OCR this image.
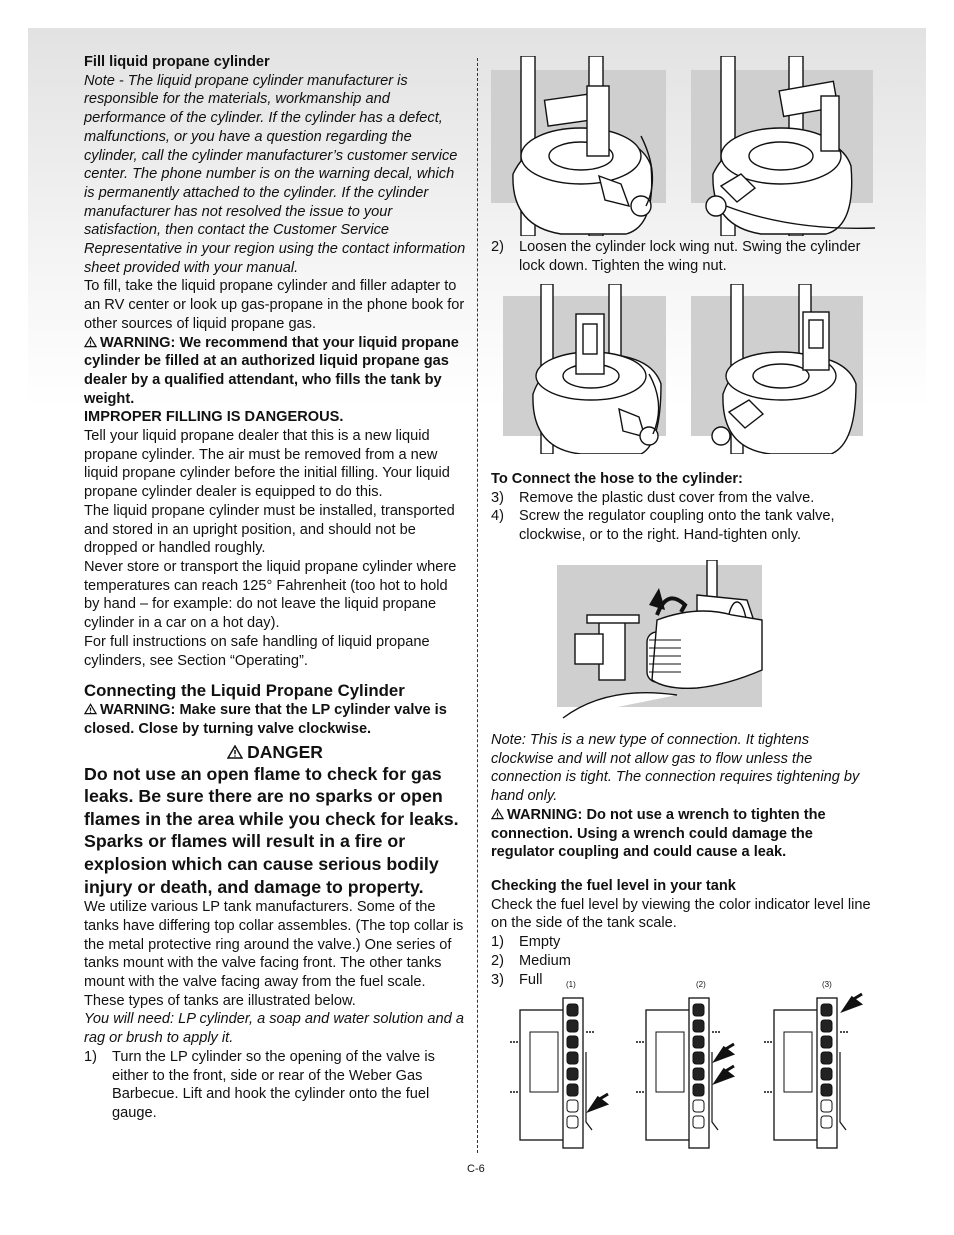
Fill liquid propane cylinder

Note - The liquid propane cylinder manufacturer is responsible for the materials, workmanship and performance of the cylinder. If the cylinder has a defect, malfunctions, or you have a question regarding the cylinder, call the cylinder manufacturer’s customer service center. The phone number is on the warning decal, which is permanently attached to the cylinder. If the cylinder manufacturer has not resolved the issue to your satisfaction, then contact the Customer Service Representative in your region using the contact information sheet provided with your manual.

To fill, take the liquid propane cylinder and filler adapter to an RV center or look up gas-propane in the phone book for other sources of liquid propane gas.

WARNING: We recommend that your liquid propane cylinder be filled at an authorized liquid propane gas dealer by a qualified attendant, who fills the tank by weight.

IMPROPER FILLING IS DANGEROUS.

Tell your liquid propane dealer that this is a new liquid propane cylinder. The air must be removed from a new liquid propane cylinder before the initial filling. Your liquid propane cylinder dealer is equipped to do this.

The liquid propane cylinder must be installed, transported and stored in an upright position, and should not be dropped or handled roughly.

Never store or transport the liquid propane cylinder where temperatures can reach 125° Fahrenheit (too hot to hold by hand – for example: do not leave the liquid propane cylinder in a car on a hot day).

For full instructions on safe handling of liquid propane cylinders, see Section “Operating”.

Connecting the Liquid Propane Cylinder

WARNING: Make sure that the LP cylinder valve is closed. Close by turning valve clockwise.

DANGER

Do not use an open flame to check for gas leaks. Be sure there are no sparks or open flames in the area while you check for leaks. Sparks or flames will result in a fire or explosion which can cause serious bodily injury or death, and damage to property.

We utilize various LP tank manufacturers. Some of the tanks have differing top collar assembles. (The top collar is the metal protective ring around the valve.) One series of tanks mount with the valve facing front. The other tanks mount with the valve facing away from the fuel scale. These types of tanks are illustrated below.

You will need: LP cylinder, a soap and water solution and a rag or brush to apply it.

1)	Turn the LP cylinder so the opening of the valve is either to the front, side or rear of the Weber Gas Barbecue. Lift and hook the cylinder onto the fuel gauge.
2)	Loosen the cylinder lock wing nut. Swing the cylinder lock down. Tighten the wing nut.

To Connect the hose to the cylinder:

3)	Remove the plastic dust cover from the valve.
4)	Screw the regulator coupling onto the tank valve, clockwise, or to the right. Hand-tighten only.

Note: This is a new type of connection. It tightens clockwise and will not allow gas to flow unless the connection is tight. The connection requires tightening by hand only.

WARNING: Do not use a wrench to tighten the connection. Using a wrench could damage the regulator coupling and could cause a leak.

Checking the fuel level in your tank

Check the fuel level by viewing the color indicator level line on the side of the tank scale.

1)	Empty
2)	Medium
3)	Full	(1)	(2)	(3)
C-6
